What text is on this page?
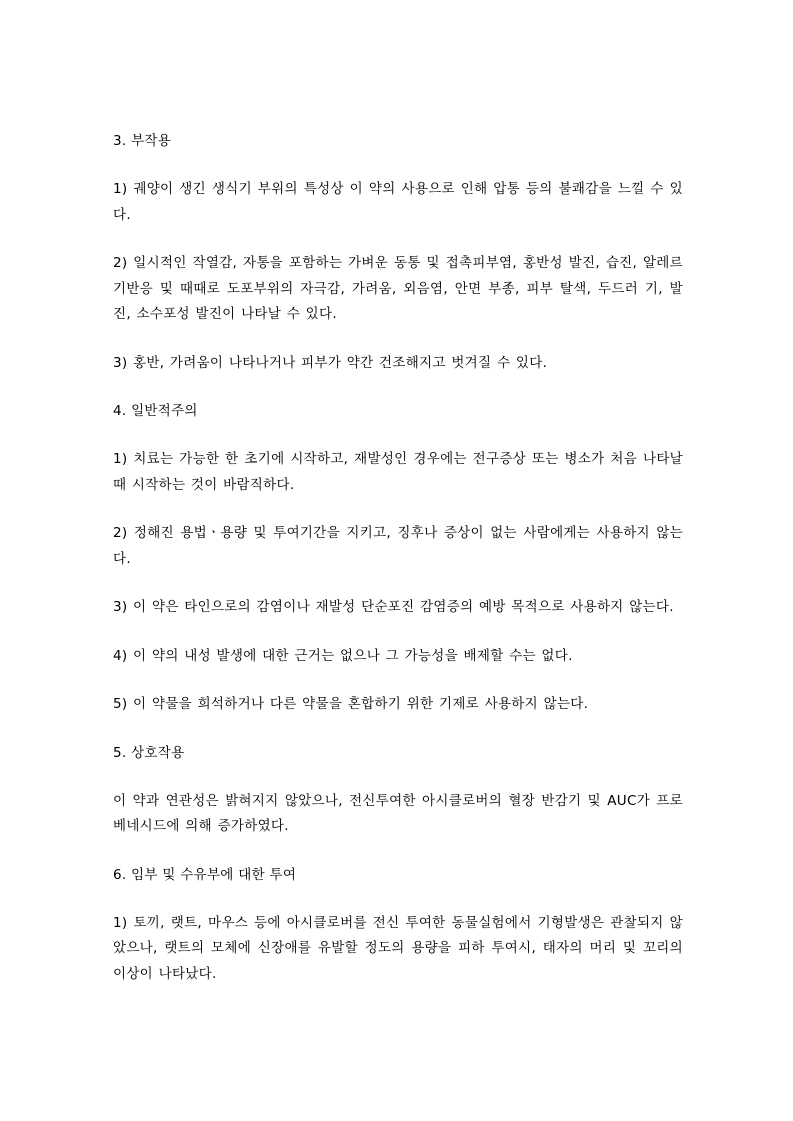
3. 부작용
1) 궤양이 생긴 생식기 부위의 특성상 이 약의 사용으로 인해 압통 등의 불쾌감을 느낄 수 있다.
2) 일시적인 작열감, 자통을 포함하는 가벼운 동통 및 접촉피부염, 홍반성 발진, 습진, 알레르기반응 및 때때로 도포부위의 자극감, 가려움, 외음염, 안면 부종, 피부 탈색, 두드러 기, 발진, 소수포성 발진이 나타날 수 있다.
3) 홍반, 가려움이 나타나거나 피부가 약간 건조해지고 벗겨질 수 있다.
4. 일반적주의
1) 치료는 가능한 한 초기에 시작하고, 재발성인 경우에는 전구증상 또는 병소가 처음 나타날 때 시작하는 것이 바람직하다.
2) 정해진 용법ㆍ용량 및 투여기간을 지키고, 징후나 증상이 없는 사람에게는 사용하지 않는다.
3) 이 약은 타인으로의 감염이나 재발성 단순포진 감염증의 예방 목적으로 사용하지 않는다.
4) 이 약의 내성 발생에 대한 근거는 없으나 그 가능성을 배제할 수는 없다.
5) 이 약물을 희석하거나 다른 약물을 혼합하기 위한 기제로 사용하지 않는다.
5. 상호작용
이 약과 연관성은 밝혀지지 않았으나, 전신투여한 아시클로버의 혈장 반감기 및 AUC가 프로베네시드에 의해 증가하였다.
6. 임부 및 수유부에 대한 투여
1) 토끼, 랫트, 마우스 등에 아시클로버를 전신 투여한 동물실험에서 기형발생은 관찰되지 않았으나, 랫트의 모체에 신장애를 유발할 정도의 용량을 피하 투여시, 태자의 머리 및 꼬리의 이상이 나타났다.
